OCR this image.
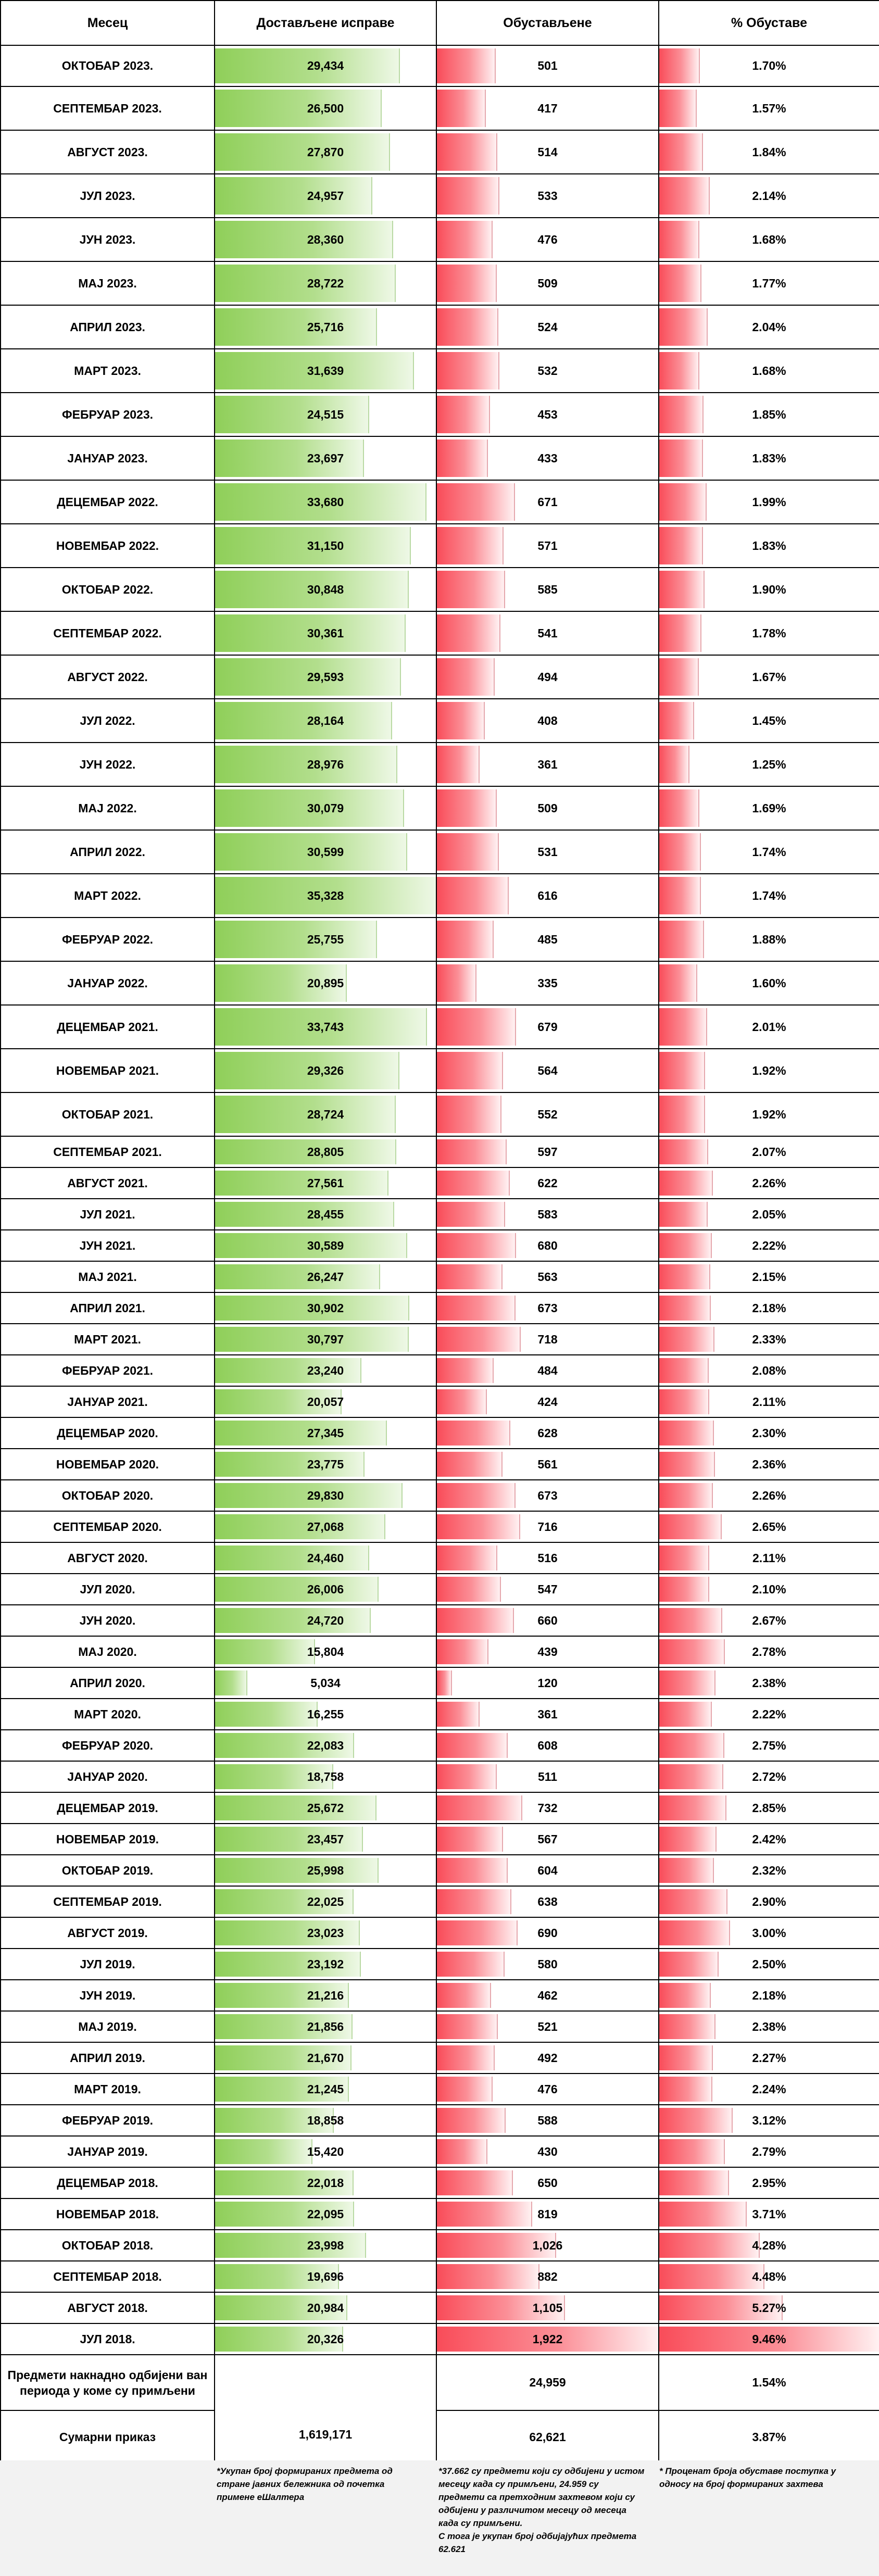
Месец	Достављене исправе	Обустављене	% Обуставе
ОКТОБАР 2023.	29,434	501	1.70%
СЕПТЕМБАР 2023.	26,500	417	1.57%
АВГУСТ 2023.	27,870	514	1.84%
ЈУЛ 2023.	24,957	533	2.14%
ЈУН 2023.	28,360	476	1.68%
МАЈ 2023.	28,722	509	1.77%
АПРИЛ 2023.	25,716	524	2.04%
МАРТ 2023.	31,639	532	1.68%
ФЕБРУАР 2023.	24,515	453	1.85%
ЈАНУАР 2023.	23,697	433	1.83%
ДЕЦЕМБАР 2022.	33,680	671	1.99%
НОВЕМБАР 2022.	31,150	571	1.83%
ОКТОБАР 2022.	30,848	585	1.90%
СЕПТЕМБАР 2022.	30,361	541	1.78%
АВГУСТ 2022.	29,593	494	1.67%
ЈУЛ 2022.	28,164	408	1.45%
ЈУН 2022.	28,976	361	1.25%
МАЈ 2022.	30,079	509	1.69%
АПРИЛ 2022.	30,599	531	1.74%
МАРТ 2022.	35,328	616	1.74%
ФЕБРУАР 2022.	25,755	485	1.88%
ЈАНУАР 2022.	20,895	335	1.60%
ДЕЦЕМБАР 2021.	33,743	679	2.01%
НОВЕМБАР 2021.	29,326	564	1.92%
ОКТОБАР 2021.	28,724	552	1.92%
СЕПТЕМБАР 2021.	28,805	597	2.07%
АВГУСТ 2021.	27,561	622	2.26%
ЈУЛ 2021.	28,455	583	2.05%
ЈУН 2021.	30,589	680	2.22%
МАЈ 2021.	26,247	563	2.15%
АПРИЛ 2021.	30,902	673	2.18%
МАРТ 2021.	30,797	718	2.33%
ФЕБРУАР 2021.	23,240	484	2.08%
ЈАНУАР 2021.	20,057	424	2.11%
ДЕЦЕМБАР 2020.	27,345	628	2.30%
НОВЕМБАР 2020.	23,775	561	2.36%
ОКТОБАР 2020.	29,830	673	2.26%
СЕПТЕМБАР 2020.	27,068	716	2.65%
АВГУСТ 2020.	24,460	516	2.11%
ЈУЛ 2020.	26,006	547	2.10%
ЈУН 2020.	24,720	660	2.67%
МАЈ 2020.	15,804	439	2.78%
АПРИЛ 2020.	5,034	120	2.38%
МАРТ 2020.	16,255	361	2.22%
ФЕБРУАР 2020.	22,083	608	2.75%
ЈАНУАР 2020.	18,758	511	2.72%
ДЕЦЕМБАР 2019.	25,672	732	2.85%
НОВЕМБАР 2019.	23,457	567	2.42%
ОКТОБАР 2019.	25,998	604	2.32%
СЕПТЕМБАР 2019.	22,025	638	2.90%
АВГУСТ 2019.	23,023	690	3.00%
ЈУЛ 2019.	23,192	580	2.50%
ЈУН 2019.	21,216	462	2.18%
МАЈ 2019.	21,856	521	2.38%
АПРИЛ 2019.	21,670	492	2.27%
МАРТ 2019.	21,245	476	2.24%
ФЕБРУАР 2019.	18,858	588	3.12%
ЈАНУАР 2019.	15,420	430	2.79%
ДЕЦЕМБАР 2018.	22,018	650	2.95%
НОВЕМБАР 2018.	22,095	819	3.71%
ОКТОБАР 2018.	23,998	1,026	4.28%
СЕПТЕМБАР 2018.	19,696	882	4.48%
АВГУСТ 2018.	20,984	1,105	5.27%
ЈУЛ 2018.	20,326	1,922	9.46%
Предмети накнадно одбијени ван периода у коме су примљени	1,619,171	24,959	1.54%
Сумарни приказ		62,621	3.87%
*Укупан број формираних предмета од стране јавних бележника од почетка примене еШалтера
*37.662 су предмети који су одбијени у истом месецу када су примљени, 24.959 су предмети са претходним захтевом који су одбијени у различитом месецу од месеца када су примљени.
С тога је укупан број одбијајућих предмета 62.621
* Проценат броја обуставе поступка у односу на број формираних захтева
